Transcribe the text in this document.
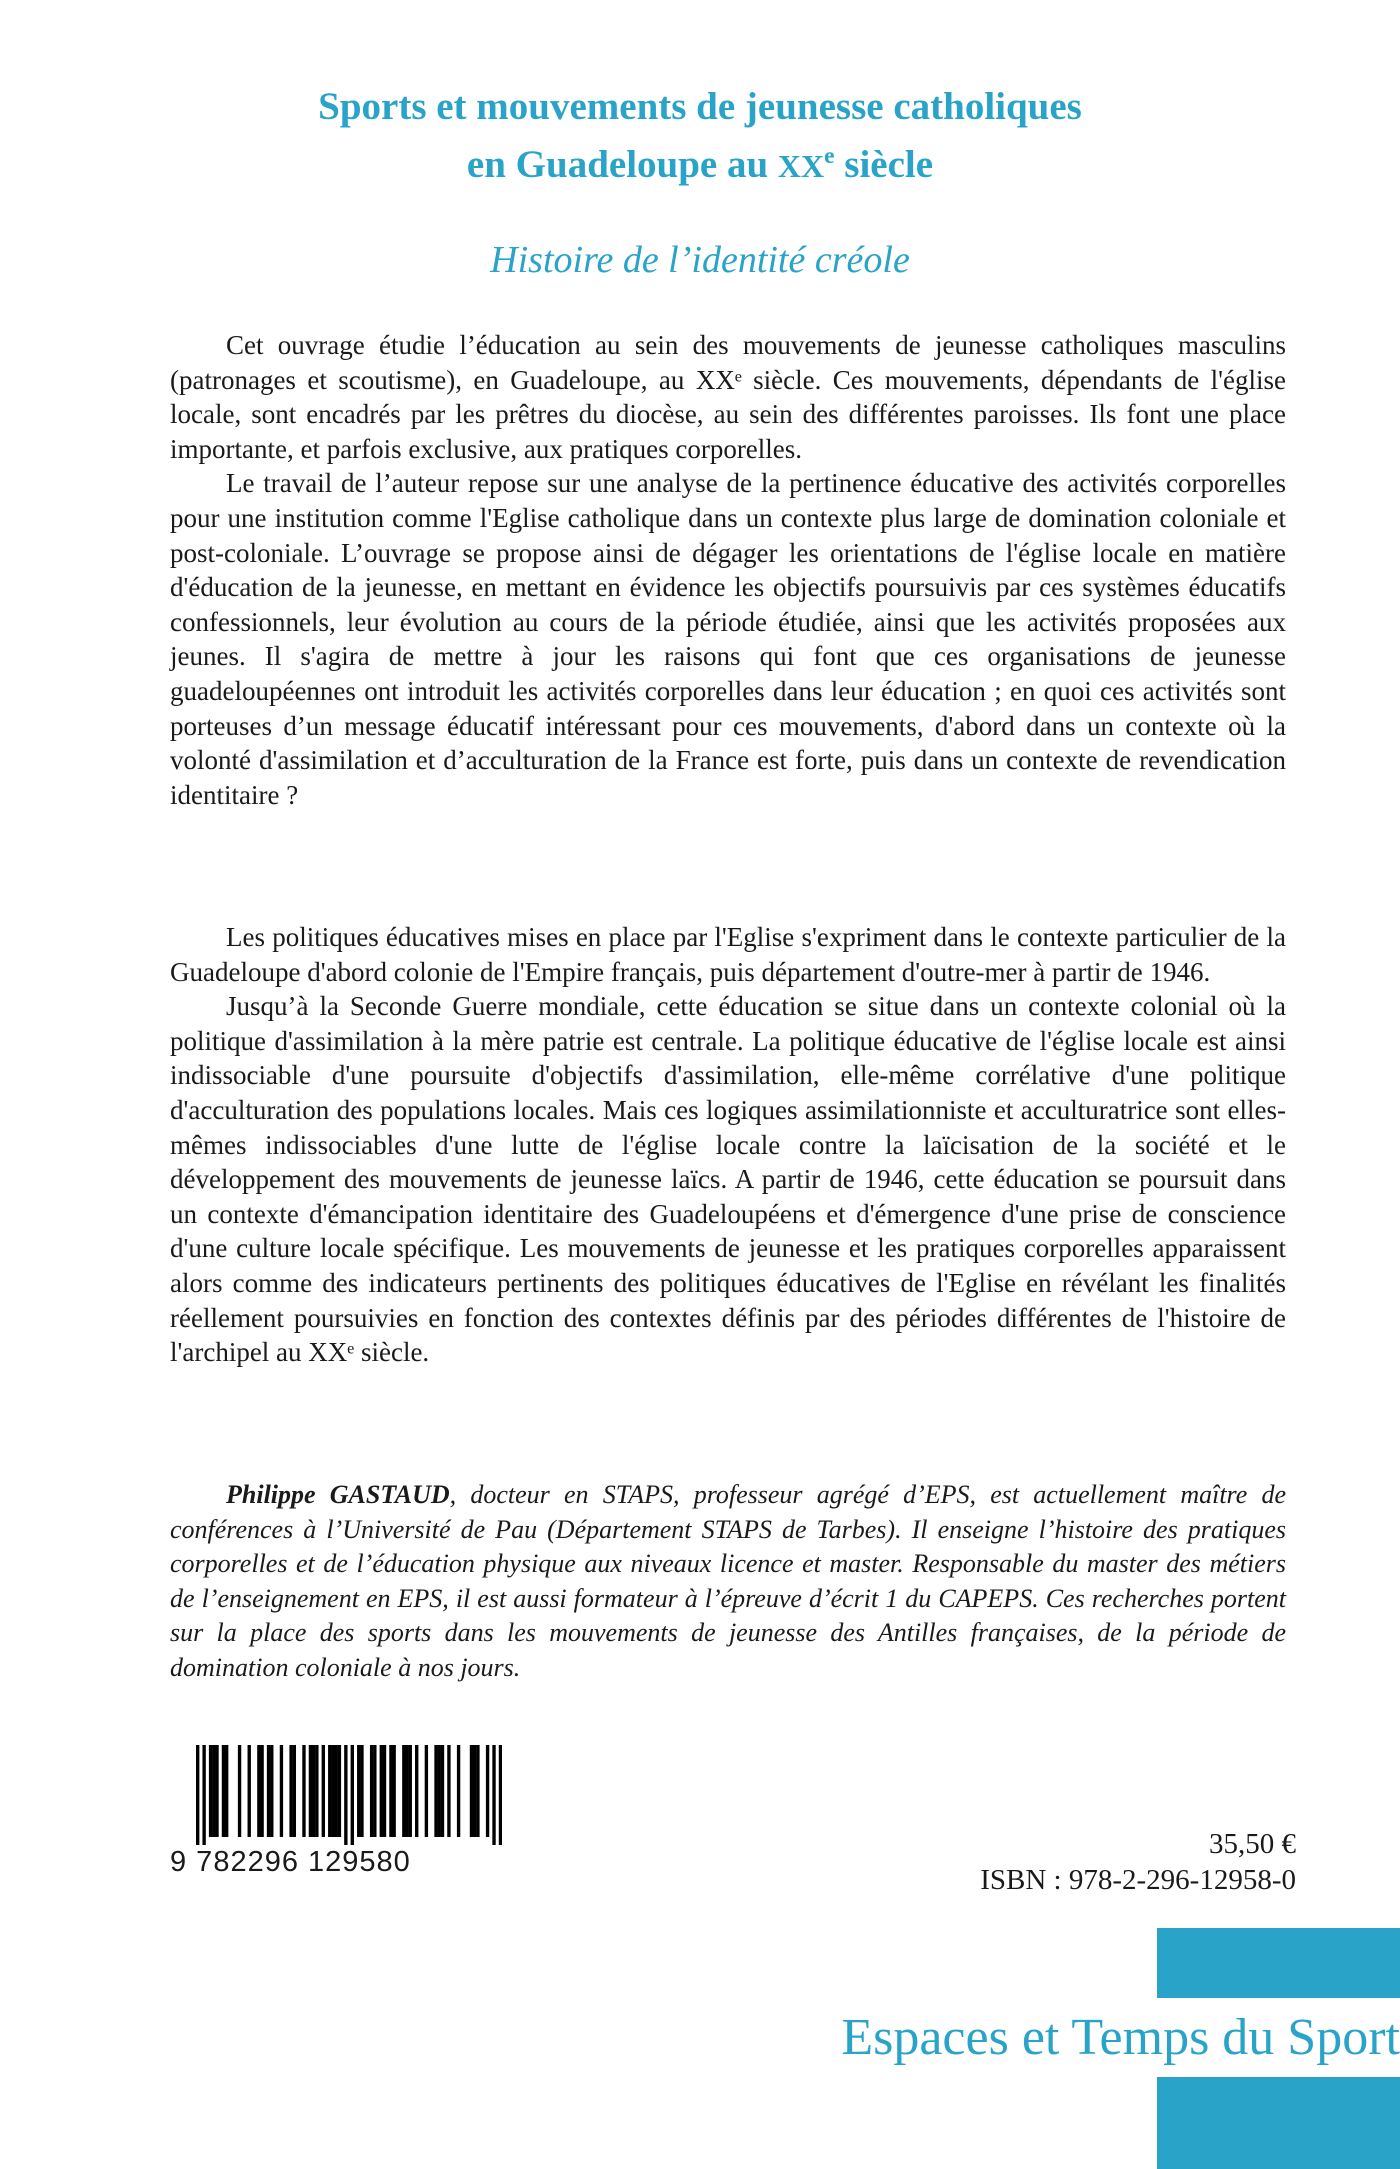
Sports et mouvements de jeunesse catholiques
en Guadeloupe au XXe siècle
Histoire de l’identité créole

Cet ouvrage étudie l’éducation au sein des mouvements de jeunesse catholiques masculins (patronages et scoutisme), en Guadeloupe, au XXᵉ siècle. Ces mouvements, dépendants de l'église locale, sont encadrés par les prêtres du diocèse, au sein des différentes paroisses. Ils font une place importante, et parfois exclusive, aux pratiques corporelles.

Le travail de l’auteur repose sur une analyse de la pertinence éducative des activités corporelles pour une institution comme l'Eglise catholique dans un contexte plus large de domination coloniale et post-coloniale. L’ouvrage se propose ainsi de dégager les orientations de l'église locale en matière d'éducation de la jeunesse, en mettant en évidence les objectifs poursuivis par ces systèmes éducatifs confessionnels, leur évolution au cours de la période étudiée, ainsi que les activités proposées aux jeunes. Il s'agira de mettre à jour les raisons qui font que ces organisations de jeunesse guadeloupéennes ont introduit les activités corporelles dans leur éducation ; en quoi ces activités sont porteuses d’un message éducatif intéressant pour ces mouvements, d'abord dans un contexte où la volonté d'assimilation et d’acculturation de la France est forte, puis dans un contexte de revendication identitaire ?

Les politiques éducatives mises en place par l'Eglise s'expriment dans le contexte particulier de la Guadeloupe d'abord colonie de l'Empire français, puis département d'outre-mer à partir de 1946.

Jusqu’à la Seconde Guerre mondiale, cette éducation se situe dans un contexte colonial où la politique d'assimilation à la mère patrie est centrale. La politique éducative de l'église locale est ainsi indissociable d'une poursuite d'objectifs d'assimilation, elle-même corrélative d'une politique d'acculturation des populations locales. Mais ces logiques assimilationniste et acculturatrice sont elles-mêmes indissociables d'une lutte de l'église locale contre la laïcisation de la société et le développement des mouvements de jeunesse laïcs. A partir de 1946, cette éducation se poursuit dans un contexte d'émancipation identitaire des Guadeloupéens et d'émergence d'une prise de conscience d'une culture locale spécifique. Les mouvements de jeunesse et les pratiques corporelles apparaissent alors comme des indicateurs pertinents des politiques éducatives de l'Eglise en révélant les finalités réellement poursuivies en fonction des contextes définis par des périodes différentes de l'histoire de l'archipel au XXᵉ siècle.

Philippe GASTAUD, docteur en STAPS, professeur agrégé d’EPS, est actuellement maître de conférences à l’Université de Pau (Département STAPS de Tarbes). Il enseigne l’histoire des pratiques corporelles et de l’éducation physique aux niveaux licence et master. Responsable du master des métiers de l’enseignement en EPS, il est aussi formateur à l’épreuve d’écrit 1 du CAPEPS. Ces recherches portent sur la place des sports dans les mouvements de jeunesse des Antilles françaises, de la période de domination coloniale à nos jours.

9 782296 129580
35,50 €
ISBN : 978-2-296-12958-0
Espaces et Temps du Sport
